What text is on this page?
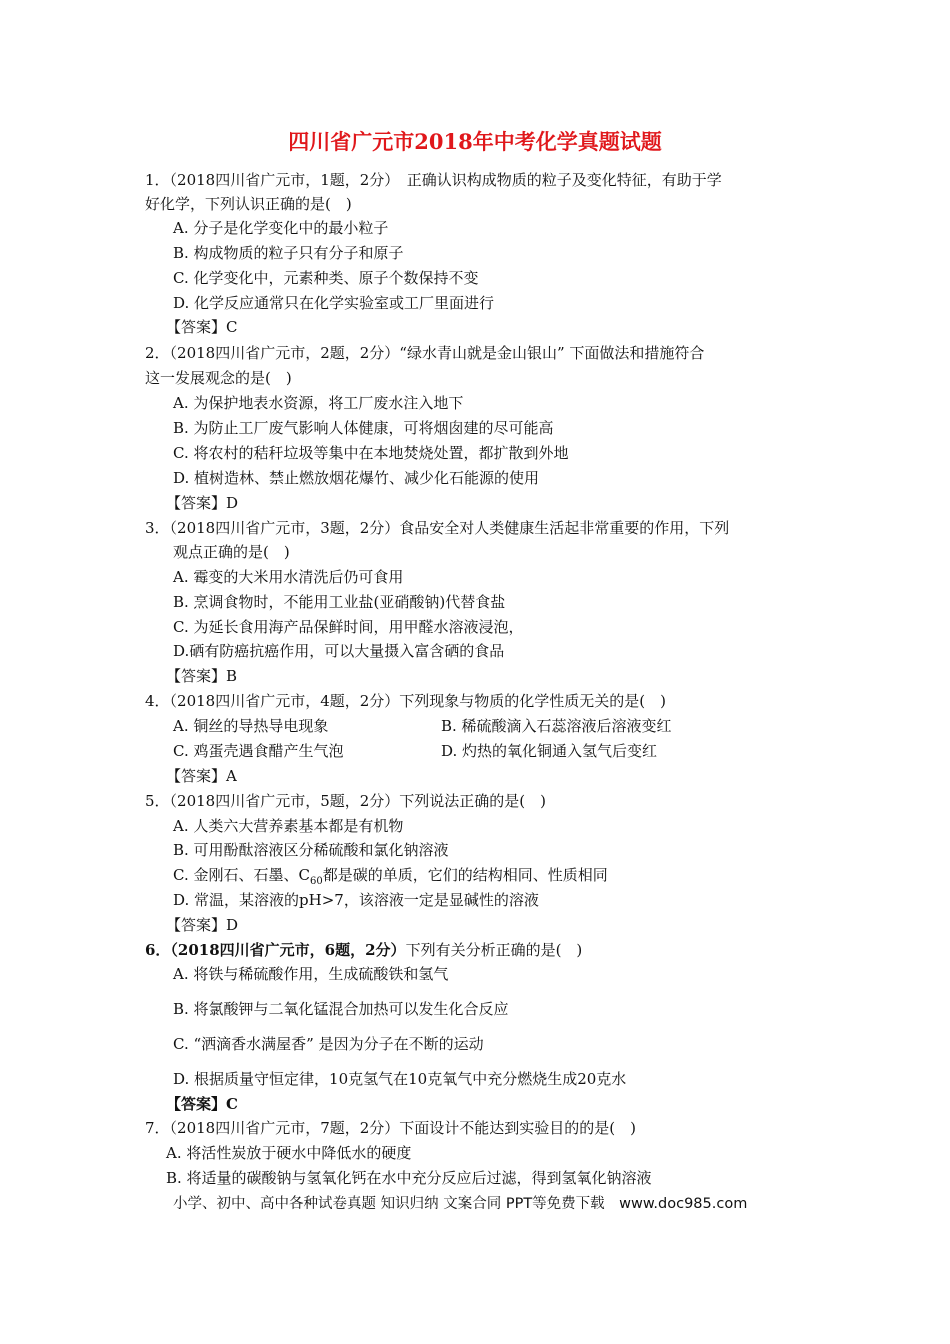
四川省广元市2018年中考化学真题试题
1．（2018四川省广元市，1题，2分）　正确认识构成物质的粒子及变化特征，有助于学
好化学，下列认识正确的是(　)
A. 分子是化学变化中的最小粒子
B. 构成物质的粒子只有分子和原子
C. 化学变化中，元素种类、原子个数保持不变
D. 化学反应通常只在化学实验室或工厂里面进行
【答案】C
2．（2018四川省广元市，2题，2分）“绿水青山就是金山银山” 下面做法和措施符合
这一发展观念的是(　)
A. 为保护地表水资源，将工厂废水注入地下
B. 为防止工厂废气影响人体健康，可将烟囱建的尽可能高
C. 将农村的秸秆垃圾等集中在本地焚烧处置，都扩散到外地
D. 植树造林、禁止燃放烟花爆竹、减少化石能源的使用
【答案】D
3．（2018四川省广元市，3题，2分）食品安全对人类健康生活起非常重要的作用，下列
观点正确的是(　)
A. 霉变的大米用水清洗后仍可食用
B. 烹调食物时，不能用工业盐(亚硝酸钠)代替食盐
C. 为延长食用海产品保鲜时间，用甲醛水溶液浸泡，
D.硒有防癌抗癌作用，可以大量摄入富含硒的食品
【答案】B
4．（2018四川省广元市，4题，2分）下列现象与物质的化学性质无关的是(　)
A. 铜丝的导热导电现象	B. 稀硫酸滴入石蕊溶液后溶液变红
C. 鸡蛋壳遇食醋产生气泡	D. 灼热的氧化铜通入氢气后变红
【答案】A
5．（2018四川省广元市，5题，2分）下列说法正确的是(　)
A. 人类六大营养素基本都是有机物
B. 可用酚酞溶液区分稀硫酸和氯化钠溶液
C. 金刚石、石墨、$C_{60}$都是碳的单质，它们的结构相同、性质相同
D. 常温，某溶液的pH>7，该溶液一定是显碱性的溶液
【答案】D
6．（2018四川省广元市，6题，2分）下列有关分析正确的是(　)
A. 将铁与稀硫酸作用，生成硫酸铁和氢气
B. 将氯酸钾与二氧化锰混合加热可以发生化合反应
C. “洒滴香水满屋香” 是因为分子在不断的运动
D. 根据质量守恒定律，10克氢气在10克氧气中充分燃烧生成20克水
【答案】C
7．（2018四川省广元市，7题，2分）下面设计不能达到实验目的的是(　)
A. 将活性炭放于硬水中降低水的硬度
B. 将适量的碳酸钠与氢氧化钙在水中充分反应后过滤，得到氢氧化钠溶液
小学、初中、高中各种试卷真题 知识归纳 文案合同 PPT等免费下载　www.doc985.com
